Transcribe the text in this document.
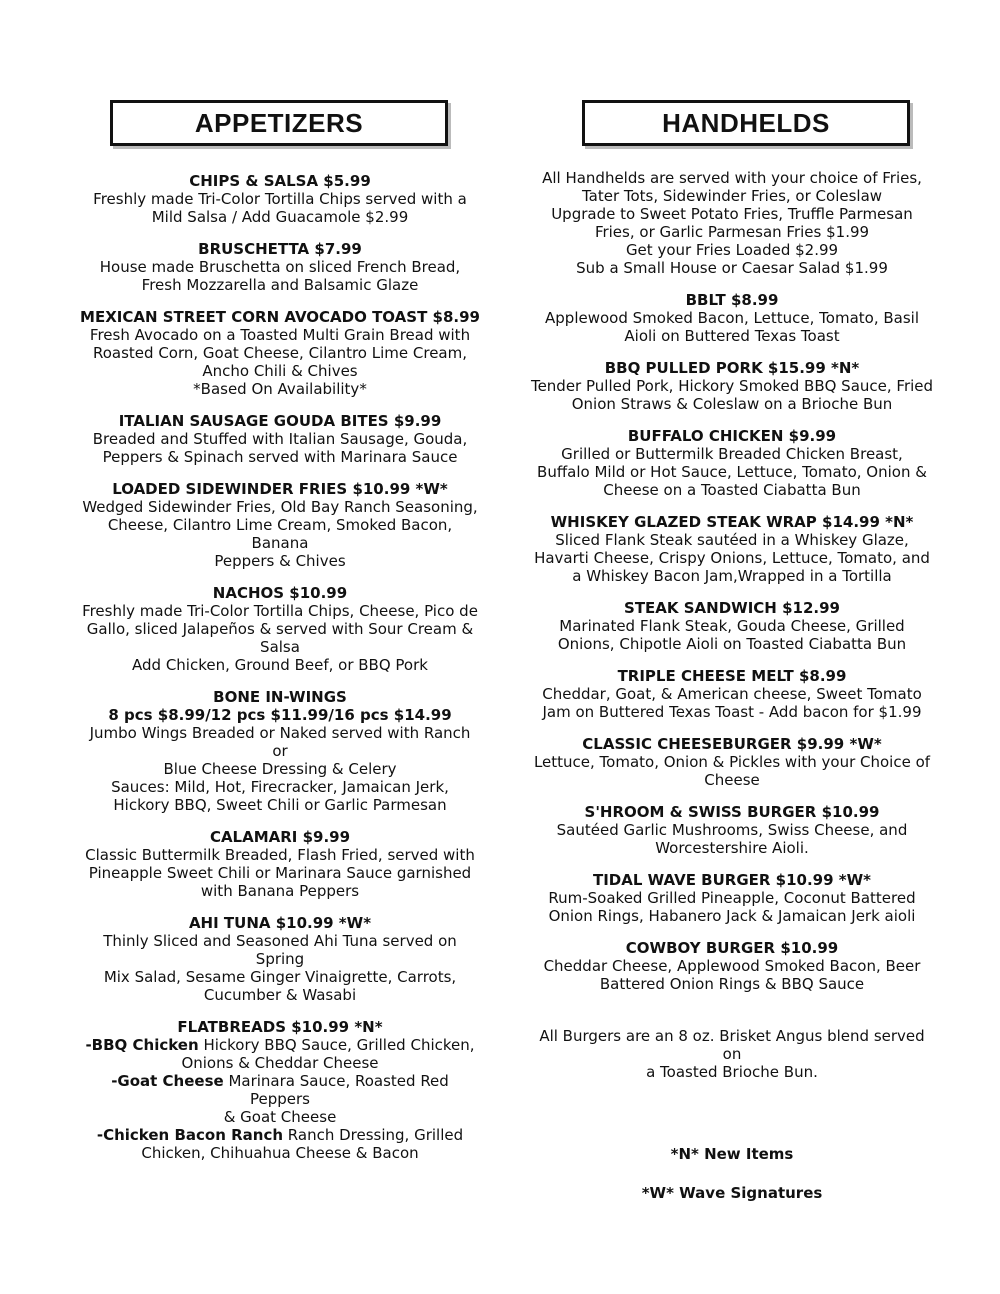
APPETIZERS
CHIPS & SALSA $5.99
Freshly made Tri-Color Tortilla Chips served with a
Mild Salsa / Add Guacamole $2.99
BRUSCHETTA $7.99
House made Bruschetta on sliced French Bread,
Fresh Mozzarella and Balsamic Glaze
MEXICAN STREET CORN AVOCADO TOAST $8.99
Fresh Avocado on a Toasted Multi Grain Bread with
Roasted Corn, Goat Cheese, Cilantro Lime Cream,
Ancho Chili & Chives
*Based On Availability*
ITALIAN SAUSAGE GOUDA BITES $9.99
Breaded and Stuffed with Italian Sausage, Gouda,
Peppers & Spinach served with Marinara Sauce
LOADED SIDEWINDER FRIES $10.99 *W*
Wedged Sidewinder Fries, Old Bay Ranch Seasoning,
Cheese, Cilantro Lime Cream, Smoked Bacon, Banana
Peppers & Chives
NACHOS $10.99
Freshly made Tri-Color Tortilla Chips, Cheese, Pico de
Gallo, sliced Jalapeños & served with Sour Cream &
Salsa
Add Chicken, Ground Beef, or BBQ Pork
BONE IN-WINGS
8 pcs $8.99/12 pcs $11.99/16 pcs $14.99
Jumbo Wings Breaded or Naked served with Ranch or
Blue Cheese Dressing & Celery
Sauces: Mild, Hot, Firecracker, Jamaican Jerk,
Hickory BBQ, Sweet Chili or Garlic Parmesan
CALAMARI $9.99
Classic Buttermilk Breaded, Flash Fried, served with
Pineapple Sweet Chili or Marinara Sauce garnished
with Banana Peppers
AHI TUNA $10.99 *W*
Thinly Sliced and Seasoned Ahi Tuna served on Spring
Mix Salad, Sesame Ginger Vinaigrette, Carrots,
Cucumber & Wasabi
FLATBREADS $10.99 *N*
-BBQ Chicken Hickory BBQ Sauce, Grilled Chicken,
Onions & Cheddar Cheese
-Goat Cheese Marinara Sauce, Roasted Red Peppers
& Goat Cheese
-Chicken Bacon Ranch Ranch Dressing, Grilled
Chicken, Chihuahua Cheese & Bacon
HANDHELDS
All Handhelds are served with your choice of Fries,
Tater Tots, Sidewinder Fries, or Coleslaw
Upgrade to Sweet Potato Fries, Truffle Parmesan
Fries, or Garlic Parmesan Fries $1.99
Get your Fries Loaded $2.99
Sub a Small House or Caesar Salad $1.99
BBLT $8.99
Applewood Smoked Bacon, Lettuce, Tomato, Basil
Aioli on Buttered Texas Toast
BBQ PULLED PORK $15.99 *N*
Tender Pulled Pork, Hickory Smoked BBQ Sauce, Fried
Onion Straws & Coleslaw on a Brioche Bun
BUFFALO CHICKEN $9.99
Grilled or Buttermilk Breaded Chicken Breast,
Buffalo Mild or Hot Sauce, Lettuce, Tomato, Onion &
Cheese on a Toasted Ciabatta Bun
WHISKEY GLAZED STEAK WRAP $14.99 *N*
Sliced Flank Steak sautéed in a Whiskey Glaze,
Havarti Cheese, Crispy Onions, Lettuce, Tomato, and
a Whiskey Bacon Jam,Wrapped in a Tortilla
STEAK SANDWICH $12.99
Marinated Flank Steak, Gouda Cheese, Grilled
Onions, Chipotle Aioli on Toasted Ciabatta Bun
TRIPLE CHEESE MELT $8.99
Cheddar, Goat, & American cheese, Sweet Tomato
Jam on Buttered Texas Toast - Add bacon for $1.99
CLASSIC CHEESEBURGER $9.99 *W*
Lettuce, Tomato, Onion & Pickles with your Choice of
Cheese
S'HROOM & SWISS BURGER $10.99
Sautéed Garlic Mushrooms, Swiss Cheese, and
Worcestershire Aioli.
TIDAL WAVE BURGER $10.99 *W*
Rum-Soaked Grilled Pineapple, Coconut Battered
Onion Rings, Habanero Jack & Jamaican Jerk aioli
COWBOY BURGER $10.99
Cheddar Cheese, Applewood Smoked Bacon, Beer
Battered Onion Rings & BBQ Sauce
All Burgers are an 8 oz. Brisket Angus blend served on
a Toasted Brioche Bun.
*N* New Items
*W* Wave Signatures
